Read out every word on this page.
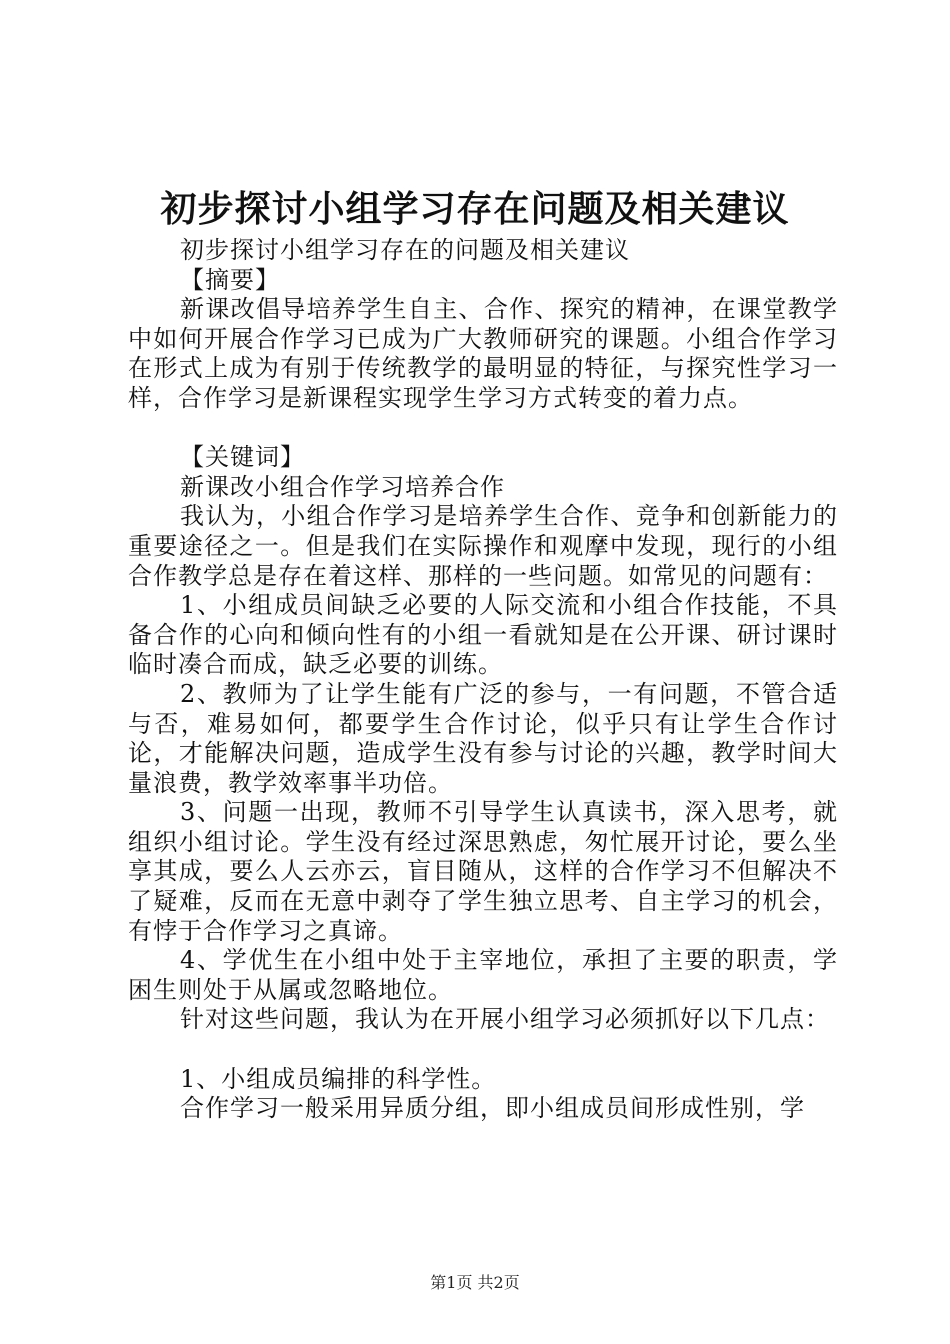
初步探讨小组学习存在问题及相关建议

初步探讨小组学习存在的问题及相关建议

【摘要】

新课改倡导培养学生自主、合作、探究的精神，在课堂教学中如何开展合作学习已成为广大教师研究的课题。小组合作学习在形式上成为有别于传统教学的最明显的特征，与探究性学习一样，合作学习是新课程实现学生学习方式转变的着力点。

【关键词】

新课改小组合作学习培养合作

我认为，小组合作学习是培养学生合作、竞争和创新能力的重要途径之一。但是我们在实际操作和观摩中发现，现行的小组合作教学总是存在着这样、那样的一些问题。如常见的问题有：

1、小组成员间缺乏必要的人际交流和小组合作技能，不具备合作的心向和倾向性有的小组一看就知是在公开课、研讨课时临时凑合而成，缺乏必要的训练。

2、教师为了让学生能有广泛的参与，一有问题，不管合适与否，难易如何，都要学生合作讨论，似乎只有让学生合作讨论，才能解决问题，造成学生没有参与讨论的兴趣，教学时间大量浪费，教学效率事半功倍。

3、问题一出现，教师不引导学生认真读书，深入思考，就组织小组讨论。学生没有经过深思熟虑，匆忙展开讨论，要么坐享其成，要么人云亦云，盲目随从，这样的合作学习不但解决不了疑难，反而在无意中剥夺了学生独立思考、自主学习的机会，有悖于合作学习之真谛。

4、学优生在小组中处于主宰地位，承担了主要的职责，学困生则处于从属或忽略地位。

针对这些问题，我认为在开展小组学习必须抓好以下几点：

1、小组成员编排的科学性。

合作学习一般采用异质分组，即小组成员间形成性别，学

第1页 共2页
